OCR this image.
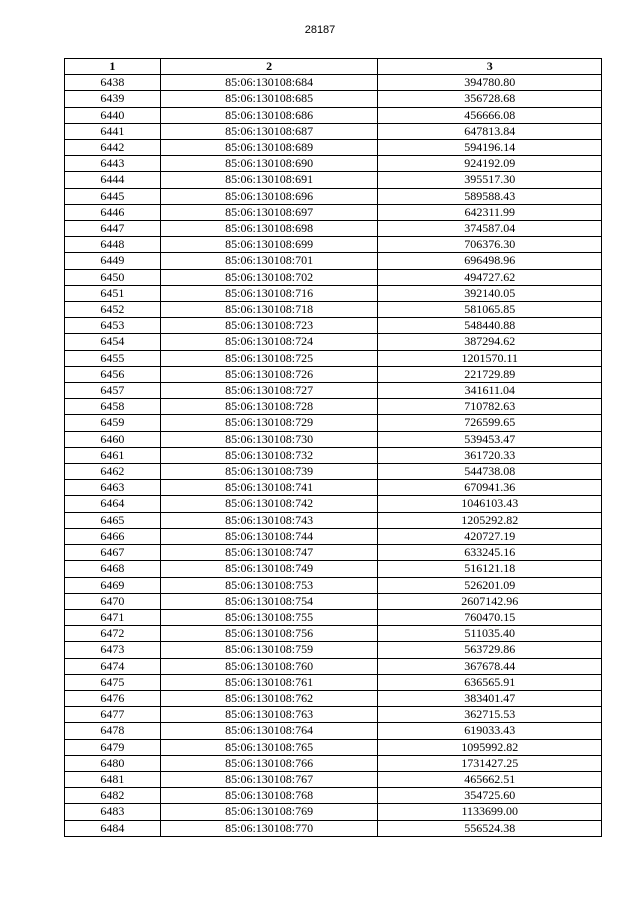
28187
1	2	3
6438	85:06:130108:684	394780.80
6439	85:06:130108:685	356728.68
6440	85:06:130108:686	456666.08
6441	85:06:130108:687	647813.84
6442	85:06:130108:689	594196.14
6443	85:06:130108:690	924192.09
6444	85:06:130108:691	395517.30
6445	85:06:130108:696	589588.43
6446	85:06:130108:697	642311.99
6447	85:06:130108:698	374587.04
6448	85:06:130108:699	706376.30
6449	85:06:130108:701	696498.96
6450	85:06:130108:702	494727.62
6451	85:06:130108:716	392140.05
6452	85:06:130108:718	581065.85
6453	85:06:130108:723	548440.88
6454	85:06:130108:724	387294.62
6455	85:06:130108:725	1201570.11
6456	85:06:130108:726	221729.89
6457	85:06:130108:727	341611.04
6458	85:06:130108:728	710782.63
6459	85:06:130108:729	726599.65
6460	85:06:130108:730	539453.47
6461	85:06:130108:732	361720.33
6462	85:06:130108:739	544738.08
6463	85:06:130108:741	670941.36
6464	85:06:130108:742	1046103.43
6465	85:06:130108:743	1205292.82
6466	85:06:130108:744	420727.19
6467	85:06:130108:747	633245.16
6468	85:06:130108:749	516121.18
6469	85:06:130108:753	526201.09
6470	85:06:130108:754	2607142.96
6471	85:06:130108:755	760470.15
6472	85:06:130108:756	511035.40
6473	85:06:130108:759	563729.86
6474	85:06:130108:760	367678.44
6475	85:06:130108:761	636565.91
6476	85:06:130108:762	383401.47
6477	85:06:130108:763	362715.53
6478	85:06:130108:764	619033.43
6479	85:06:130108:765	1095992.82
6480	85:06:130108:766	1731427.25
6481	85:06:130108:767	465662.51
6482	85:06:130108:768	354725.60
6483	85:06:130108:769	1133699.00
6484	85:06:130108:770	556524.38
